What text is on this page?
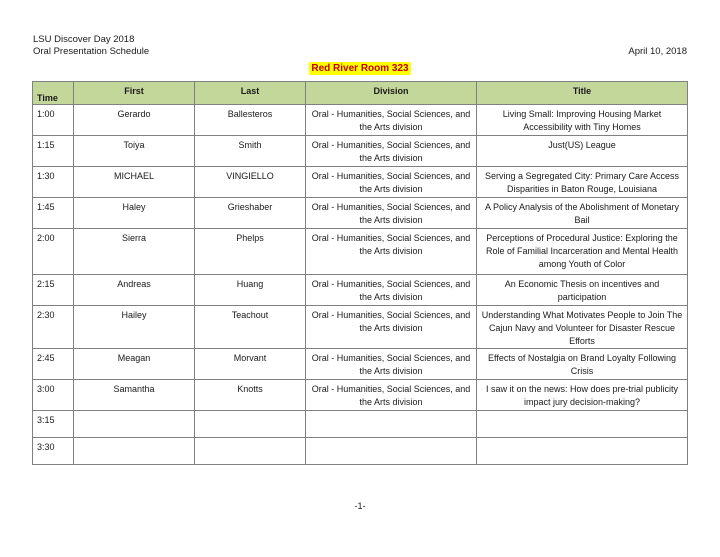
LSU Discover Day 2018
Oral Presentation Schedule	April 10, 2018
Red River Room 323
Time	First	Last	Division	Title

1:00	Gerardo	Ballesteros	Oral - Humanities, Social Sciences, and the Arts division	Living Small: Improving Housing Market Accessibility with Tiny Homes
1:15	Toiya	Smith	Oral - Humanities, Social Sciences, and the Arts division	Just(US) League
1:30	MICHAEL	VINGIELLO	Oral - Humanities, Social Sciences, and the Arts division	Serving a Segregated City: Primary Care Access Disparities in Baton Rouge, Louisiana
1:45	Haley	Grieshaber	Oral - Humanities, Social Sciences, and the Arts division	A Policy Analysis of the Abolishment of Monetary Bail
2:00	Sierra	Phelps	Oral - Humanities, Social Sciences, and the Arts division	Perceptions of Procedural Justice: Exploring the Role of Familial Incarceration and Mental Health among Youth of Color
2:15	Andreas	Huang	Oral - Humanities, Social Sciences, and the Arts division	An Economic Thesis on incentives and participation
2:30	Hailey	Teachout	Oral - Humanities, Social Sciences, and the Arts division	Understanding What Motivates People to Join The Cajun Navy and Volunteer for Disaster Rescue Efforts
2:45	Meagan	Morvant	Oral - Humanities, Social Sciences, and the Arts division	Effects of Nostalgia on Brand Loyalty Following Crisis
3:00	Samantha	Knotts	Oral - Humanities, Social Sciences, and the Arts division	I saw it on the news: How does pre-trial publicity impact jury decision-making?
3:15				
3:30				
-1-
